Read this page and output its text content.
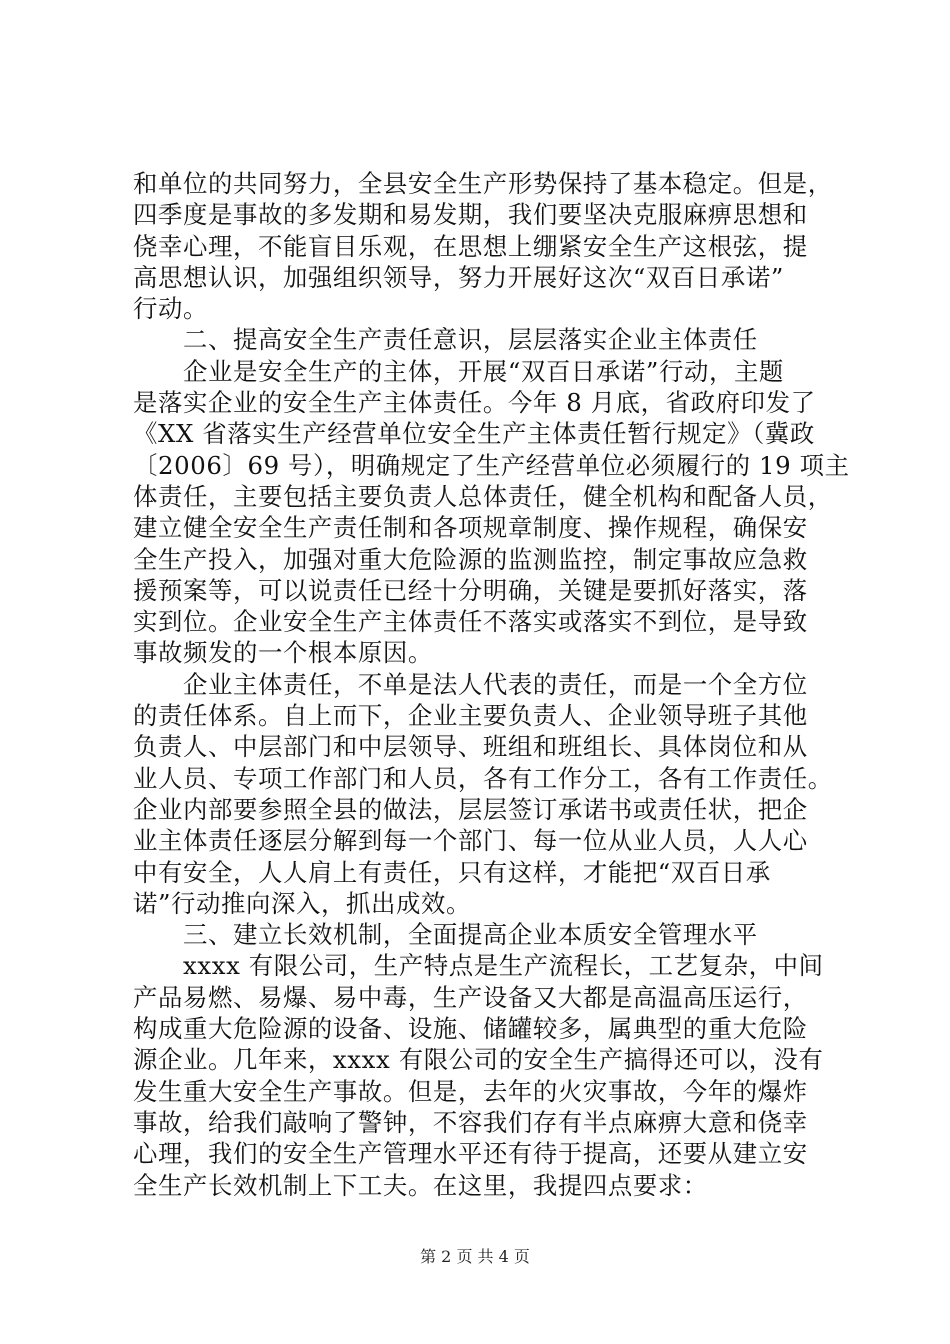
和单位的共同努力，全县安全生产形势保持了基本稳定。但是，
四季度是事故的多发期和易发期，我们要坚决克服麻痹思想和
侥幸心理，不能盲目乐观，在思想上绷紧安全生产这根弦，提
高思想认识，加强组织领导，努力开展好这次“双百日承诺”
行动。
二、提高安全生产责任意识，层层落实企业主体责任
企业是安全生产的主体，开展“双百日承诺”行动，主题
是落实企业的安全生产主体责任。今年 8 月底，省政府印发了
《XX 省落实生产经营单位安全生产主体责任暂行规定》（冀政
〔2006〕69 号），明确规定了生产经营单位必须履行的 19 项主
体责任，主要包括主要负责人总体责任，健全机构和配备人员，
建立健全安全生产责任制和各项规章制度、操作规程，确保安
全生产投入，加强对重大危险源的监测监控，制定事故应急救
援预案等，可以说责任已经十分明确，关键是要抓好落实，落
实到位。企业安全生产主体责任不落实或落实不到位，是导致
事故频发的一个根本原因。
企业主体责任，不单是法人代表的责任，而是一个全方位
的责任体系。自上而下，企业主要负责人、企业领导班子其他
负责人、中层部门和中层领导、班组和班组长、具体岗位和从
业人员、专项工作部门和人员，各有工作分工，各有工作责任。
企业内部要参照全县的做法，层层签订承诺书或责任状，把企
业主体责任逐层分解到每一个部门、每一位从业人员，人人心
中有安全，人人肩上有责任，只有这样，才能把“双百日承
诺”行动推向深入，抓出成效。
三、建立长效机制，全面提高企业本质安全管理水平
xxxx 有限公司，生产特点是生产流程长，工艺复杂，中间
产品易燃、易爆、易中毒，生产设备又大都是高温高压运行，
构成重大危险源的设备、设施、储罐较多，属典型的重大危险
源企业。几年来，xxxx 有限公司的安全生产搞得还可以，没有
发生重大安全生产事故。但是，去年的火灾事故，今年的爆炸
事故，给我们敲响了警钟，不容我们存有半点麻痹大意和侥幸
心理，我们的安全生产管理水平还有待于提高，还要从建立安
全生产长效机制上下工夫。在这里，我提四点要求：
第 2 页 共 4 页
